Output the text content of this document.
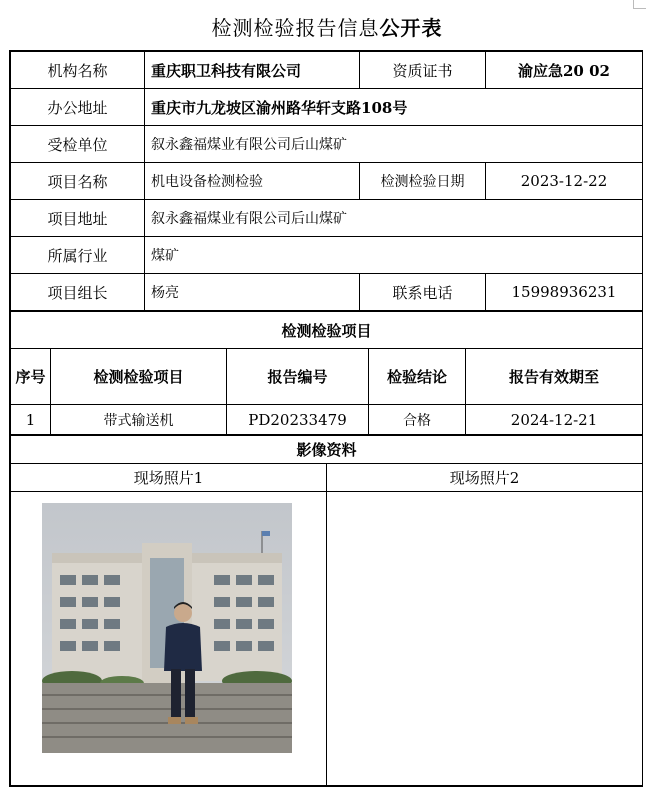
检测检验报告信息公开表
机构名称	重庆职卫科技有限公司	资质证书	渝应急20 02
办公地址	重庆市九龙坡区渝州路华轩支路108号		
受检单位	叙永鑫福煤业有限公司后山煤矿		
项目名称	机电设备检测检验	检测检验日期	2023-12-22
项目地址	叙永鑫福煤业有限公司后山煤矿		
所属行业	煤矿		
项目组长	杨亮	联系电话	15998936231
检测检验项目				
序号	检测检验项目	报告编号	检验结论	报告有效期至
1	带式输送机	PD20233479	合格	2024-12-21
影像资料	
现场照片1	现场照片2
